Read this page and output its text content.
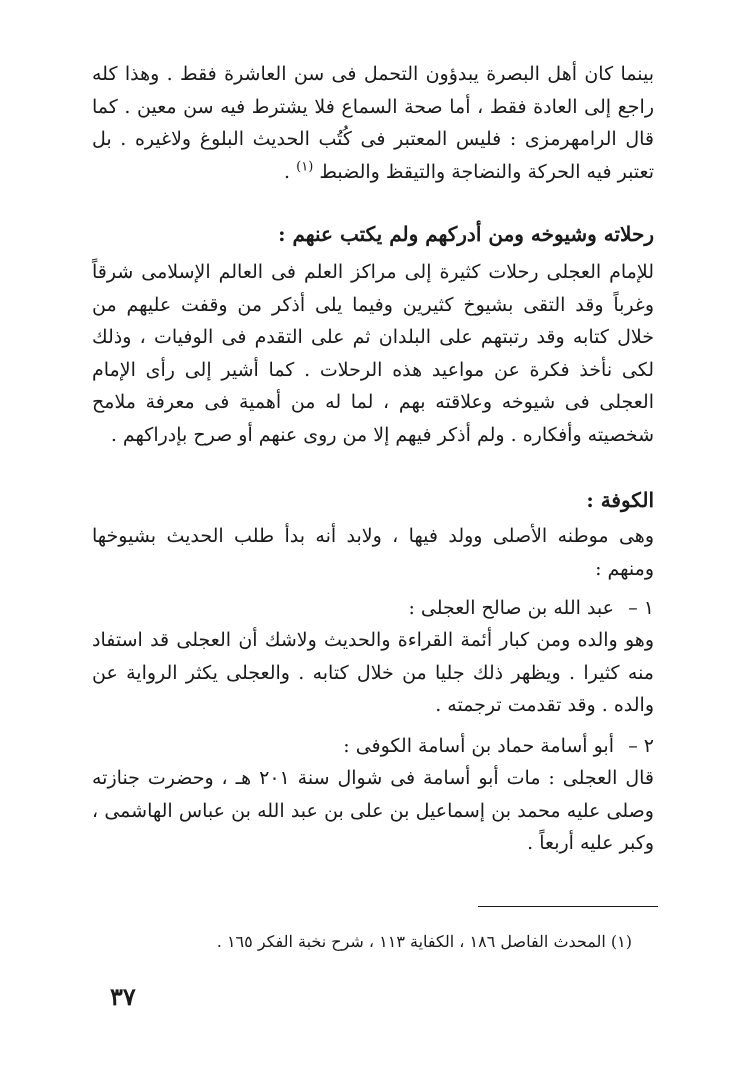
بينما كان أهل البصرة يبدؤون التحمل فى سن العاشرة فقط . وهذا كله راجع إلى العادة فقط ، أما صحة السماع فلا يشترط فيه سن معين . كما قال الرامهرمزى : فليس المعتبر فى كُتُب الحديث البلوغ ولاغيره . بل تعتبر فيه الحركة والنضاجة والتيقظ والضبط $^{(١)}$ .

رحلاته وشيوخه ومن أدركهم ولم يكتب عنهم :

للإمام العجلى رحلات كثيرة إلى مراكز العلم فى العالم الإسلامى شرقاً وغرباً وقد التقى بشيوخ كثيرين وفيما يلى أذكر من وقفت عليهم من خلال كتابه وقد رتبتهم على البلدان ثم على التقدم فى الوفيات ، وذلك لكى نأخذ فكرة عن مواعيد هذه الرحلات . كما أشير إلى رأى الإمام العجلى فى شيوخه وعلاقته بهم ، لما له من أهمية فى معرفة ملامح شخصيته وأفكاره . ولم أذكر فيهم إلا من روى عنهم أو صرح بإدراكهم .

الكوفة :

وهى موطنه الأصلى وولد فيها ، ولابد أنه بدأ طلب الحديث بشيوخها ومنهم :

١ –عبد الله بن صالح العجلى :

وهو والده ومن كبار أئمة القراءة والحديث ولاشك أن العجلى قد استفاد منه كثيرا . ويظهر ذلك جليا من خلال كتابه . والعجلى يكثر الرواية عن والده . وقد تقدمت ترجمته .

٢ –أبو أسامة حماد بن أسامة الكوفى :

قال العجلى : مات أبو أسامة فى شوال سنة ٢٠١ هـ ، وحضرت جنازته وصلى عليه محمد بن إسماعيل بن على بن عبد الله بن عباس الهاشمى ، وكبر عليه أربعاً .

(١) المحدث الفاصل ١٨٦ ، الكفاية ١١٣ ، شرح نخبة الفكر ١٦٥ .

٣٧
